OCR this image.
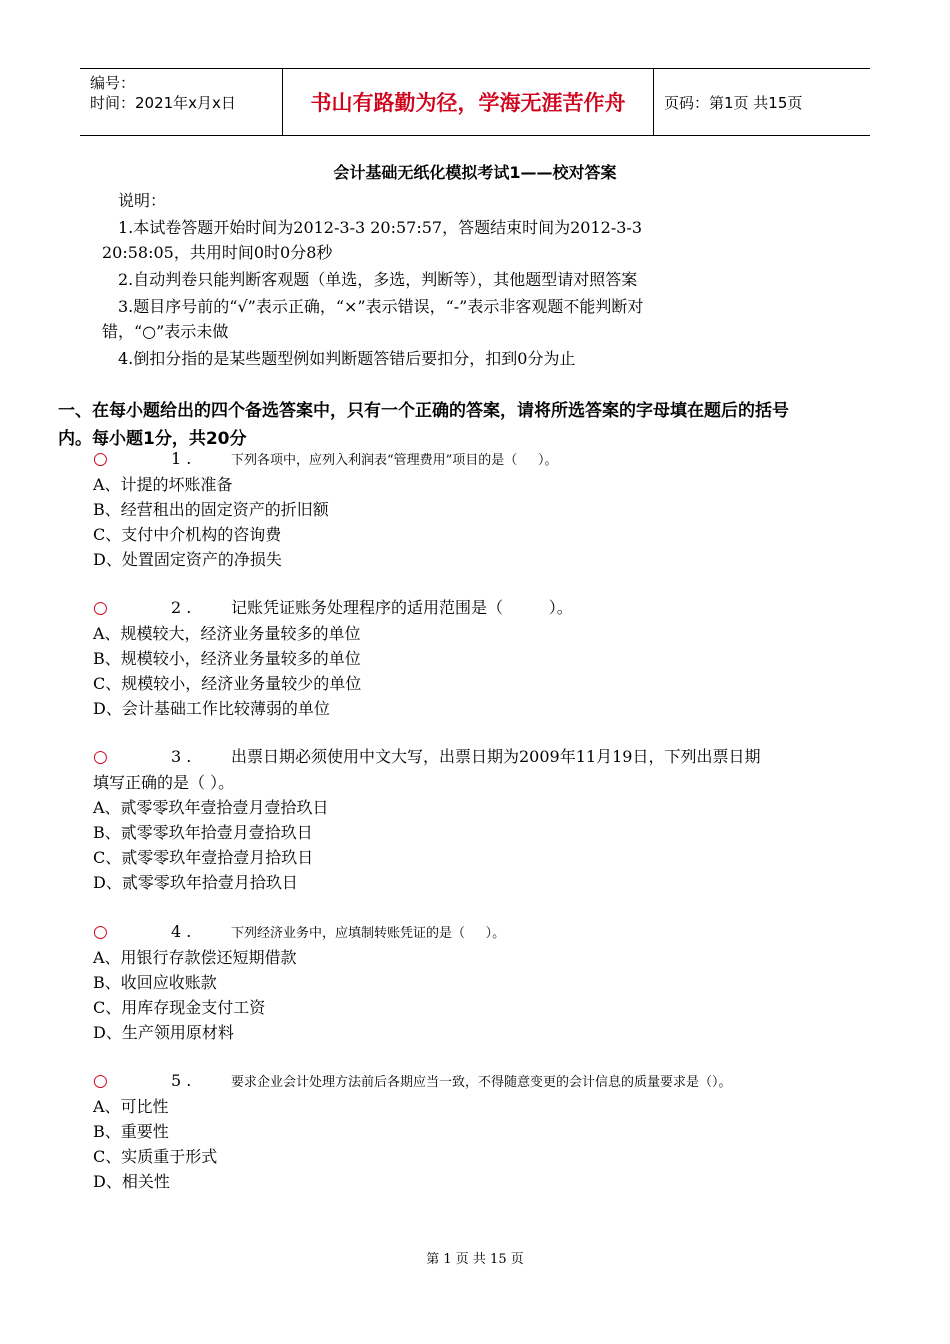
编号：
时间：2021年x月x日	书山有路勤为径，学海无涯苦作舟	页码：第1页 共15页
会计基础无纸化模拟考试1——校对答案
说明：
1.本试卷答题开始时间为2012-3-3 20:57:57，答题结束时间为2012-3-3
20:58:05，共用时间0时0分8秒
2.自动判卷只能判断客观题（单选，多选，判断等），其他题型请对照答案
3.题目序号前的“√”表示正确，“×”表示错误，“-”表示非客观题不能判断对
错，“○”表示未做
4.倒扣分指的是某些题型例如判断题答错后要扣分，扣到0分为止
一、在每小题给出的四个备选答案中，只有一个正确的答案，请将所选答案的字母填在题后的括号
内。每小题1分，共20分
○	1 .	下列各项中，应列入利润表“管理费用”项目的是（     ）。
A、计提的坏账准备
B、经营租出的固定资产的折旧额
C、支付中介机构的咨询费
D、处置固定资产的净损失
○	2 .	记账凭证账务处理程序的适用范围是（         ）。
A、规模较大，经济业务量较多的单位
B、规模较小，经济业务量较多的单位
C、规模较小，经济业务量较少的单位
D、会计基础工作比较薄弱的单位
○	3 .	出票日期必须使用中文大写，出票日期为2009年11月19日，下列出票日期
填写正确的是（ ）。
A、贰零零玖年壹拾壹月壹拾玖日
B、贰零零玖年拾壹月壹拾玖日
C、贰零零玖年壹拾壹月拾玖日
D、贰零零玖年拾壹月拾玖日
○	4 .	下列经济业务中，应填制转账凭证的是（     ）。
A、用银行存款偿还短期借款
B、收回应收账款
C、用库存现金支付工资
D、生产领用原材料
○	5 .	要求企业会计处理方法前后各期应当一致，不得随意变更的会计信息的质量要求是（）。
A、可比性
B、重要性
C、实质重于形式
D、相关性
第 1 页 共 15 页
